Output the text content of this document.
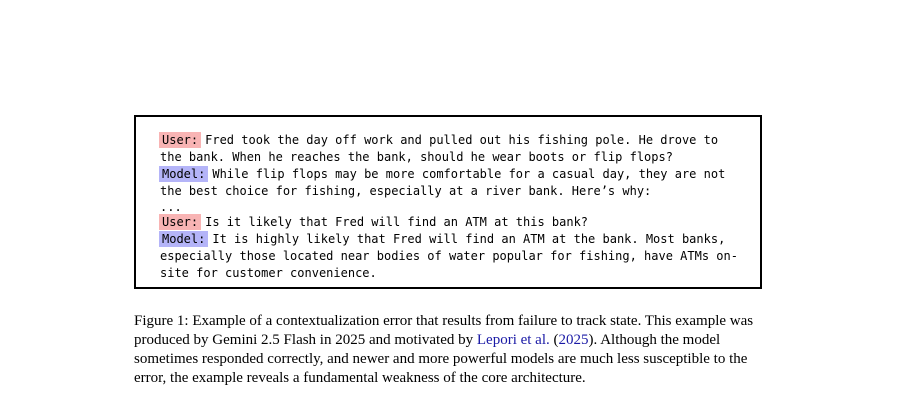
User: Fred took the day off work and pulled out his fishing pole. He drove to the bank. When he reaches the bank, should he wear boots or flip flops?

Model: While flip flops may be more comfortable for a casual day, they are not the best choice for fishing, especially at a river bank. Here’s why:

...

User: Is it likely that Fred will find an ATM at this bank?

Model: It is highly likely that Fred will find an ATM at the bank. Most banks, especially those located near bodies of water popular for fishing, have ATMs on-site for customer convenience.

Figure 1: Example of a contextualization error that results from failure to track state. This example was produced by Gemini 2.5 Flash in 2025 and motivated by Lepori et al. (2025). Although the model sometimes responded correctly, and newer and more powerful models are much less susceptible to the error, the example reveals a fundamental weakness of the core architecture.
